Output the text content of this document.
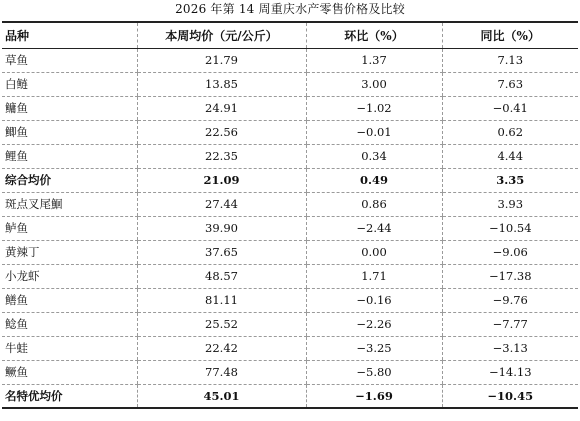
2026 年第 14 周重庆水产零售价格及比较
品种	本周均价（元/公斤）	环比（%）	同比（%）
草鱼	21.79	1.37	7.13
白鲢	13.85	3.00	7.63
鳙鱼	24.91	−1.02	−0.41
鲫鱼	22.56	−0.01	0.62
鲤鱼	22.35	0.34	4.44
综合均价	21.09	0.49	3.35
斑点叉尾鮰	27.44	0.86	3.93
鲈鱼	39.90	−2.44	−10.54
黄辣丁	37.65	0.00	−9.06
小龙虾	48.57	1.71	−17.38
鳝鱼	81.11	−0.16	−9.76
鲶鱼	25.52	−2.26	−7.77
牛蛙	22.42	−3.25	−3.13
鳜鱼	77.48	−5.80	−14.13
名特优均价	45.01	−1.69	−10.45
